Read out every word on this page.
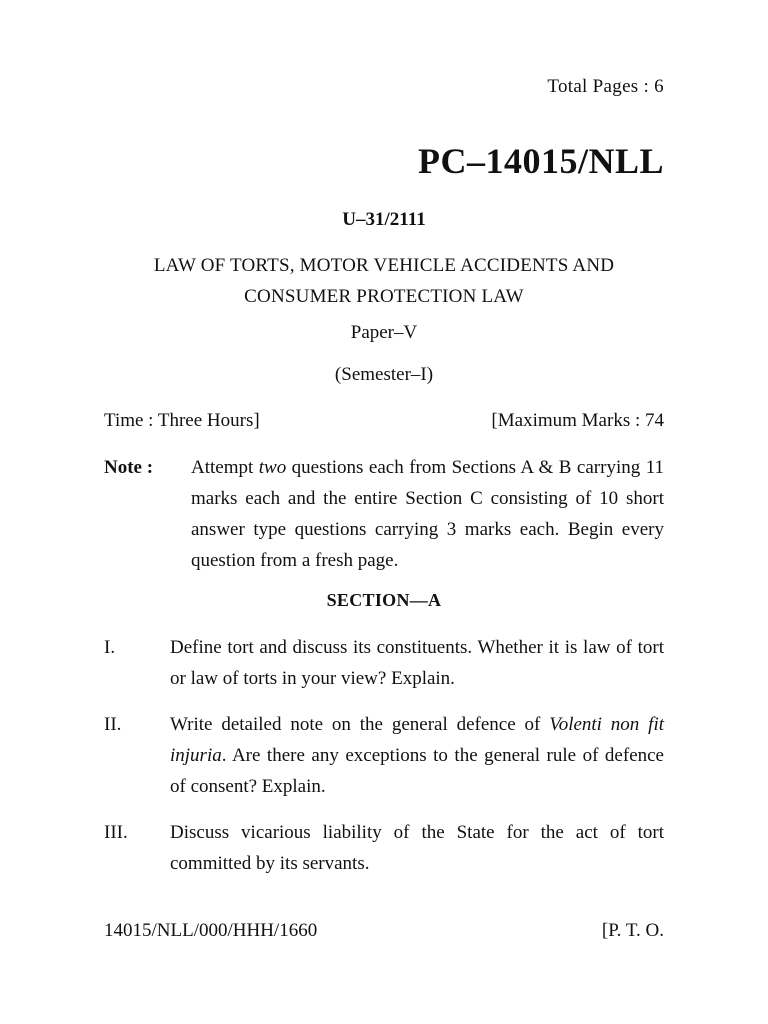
Total Pages : 6
PC–14015/NLL
U–31/2111
LAW OF TORTS, MOTOR VEHICLE ACCIDENTS AND
CONSUMER PROTECTION LAW
Paper–V
(Semester–I)
Time : Three Hours]	[Maximum Marks : 74
Note :	Attempt two questions each from Sections A & B carrying 11 marks each and the entire Section C consisting of 10 short answer type questions carrying 3 marks each. Begin every question from a fresh page.
SECTION—A
I.	Define tort and discuss its constituents. Whether it is law of tort or law of torts in your view? Explain.
II.	Write detailed note on the general defence of Volenti non fit injuria. Are there any exceptions to the general rule of defence of consent? Explain.
III. Discuss vicarious liability of the State for the act of tort committed by its servants.
14015/NLL/000/HHH/1660	[P. T. O.
